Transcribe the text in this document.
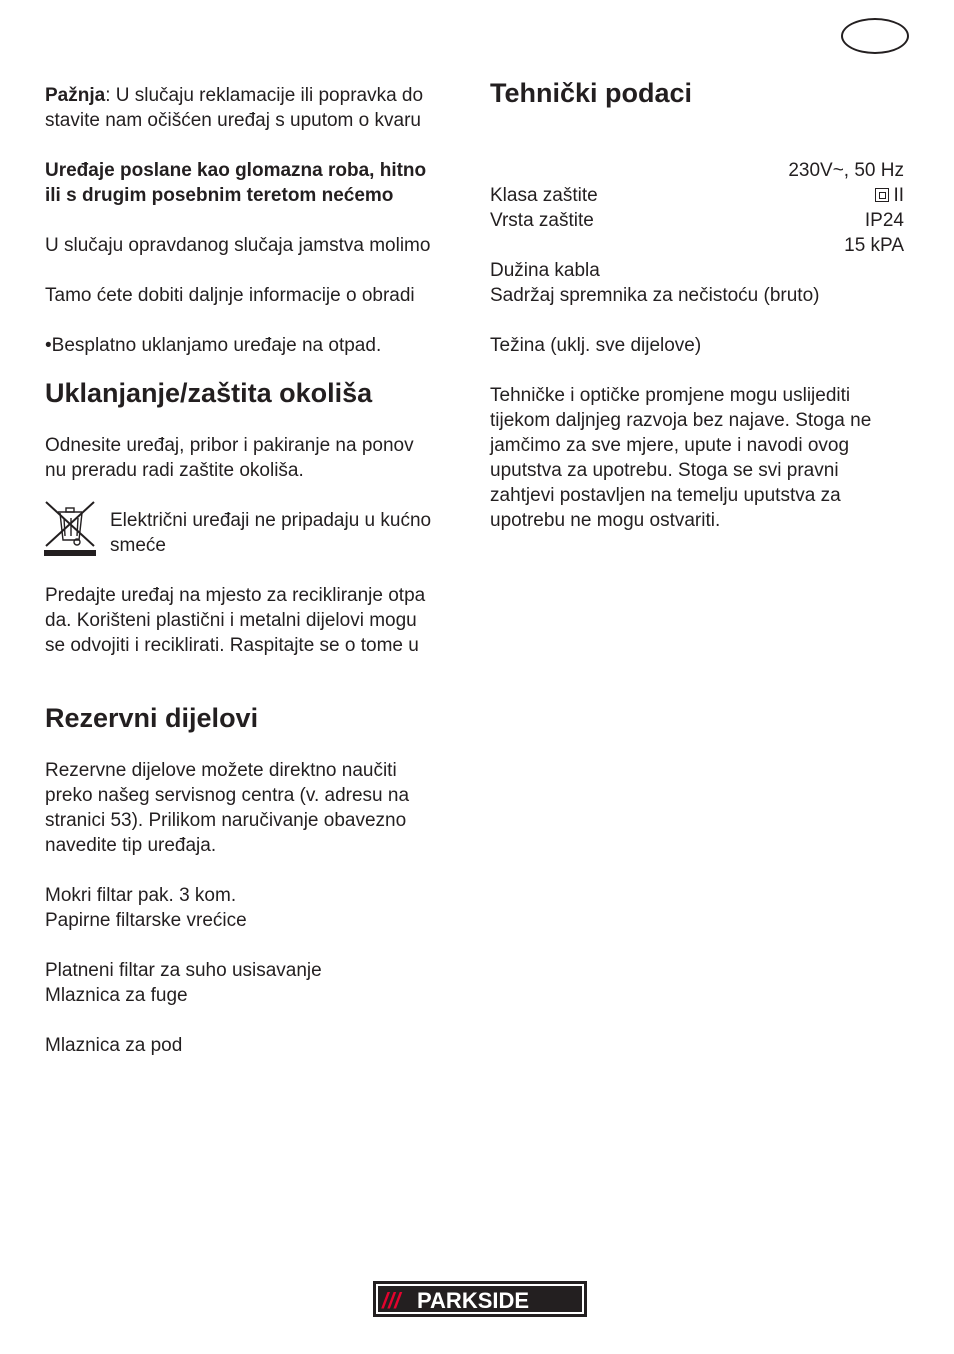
Pažnja: U slučaju reklamacije ili popravka do

stavite nam očišćen uređaj s uputom o kvaru

Uređaje poslane kao glomazna roba, hitno

ili s drugim posebnim teretom nećemo

U slučaju opravdanog slučaja jamstva molimo

Tamo ćete dobiti daljnje informacije o obradi

•Besplatno uklanjamo uređaje na otpad.

Uklanjanje/zaštita okoliša

Odnesite uređaj, pribor i pakiranje na ponov

nu preradu radi zaštite okoliša.

Električni uređaji ne pripadaju u kućno

smeće

Predajte uređaj na mjesto za recikliranje otpa

da. Korišteni plastični i metalni dijelovi mogu

se odvojiti i reciklirati. Raspitajte se o tome u

Rezervni dijelovi

Rezervne dijelove možete direktno naučiti

preko našeg servisnog centra (v. adresu na

stranici 53). Prilikom naručivanje obavezno

navedite tip uređaja.

Mokri filtar pak. 3 kom.

Papirne filtarske vrećice

Platneni filtar za suho usisavanje

Mlaznica za fuge

Mlaznica za pod

Tehnički podaci
230V~, 50 Hz
Klasa zaštite	II
Vrsta zaštite	IP24
15 kPA
Dužina kabla
Sadržaj spremnika za nečistoću (bruto)
Težina (uklj. sve dijelove)

Tehničke i optičke promjene mogu uslijediti

tijekom daljnjeg razvoja bez najave. Stoga ne

jamčimo za sve mjere, upute i navodi ovog

uputstva za upotrebu. Stoga se svi pravni

zahtjevi postavljen na temelju uputstva za

upotrebu ne mogu ostvariti.

/// PARKSIDE
